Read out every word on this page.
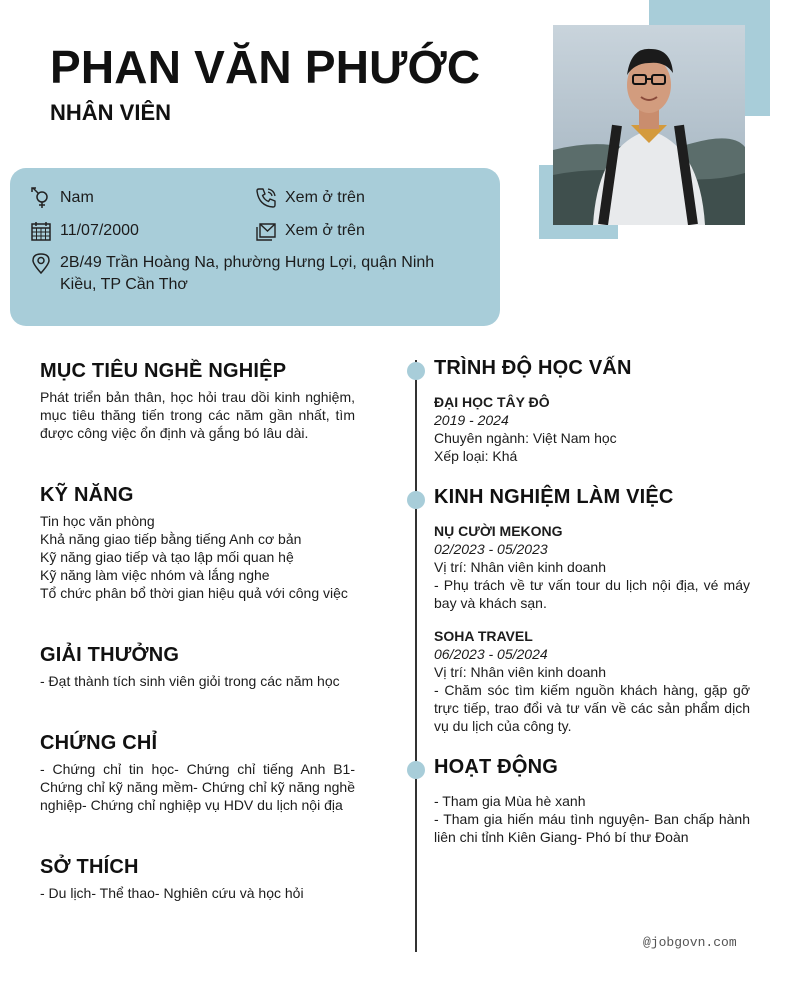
PHAN VĂN PHƯỚC
NHÂN VIÊN
Nam	Xem ở trên
11/07/2000	Xem ở trên
2B/49 Trần Hoàng Na, phường Hưng Lợi, quận Ninh Kiều, TP Cần Thơ
MỤC TIÊU NGHỀ NGHIỆP
Phát triển bản thân, học hỏi trau dồi kinh nghiệm, mục tiêu thăng tiến trong các năm gần nhất, tìm được công việc ổn định và gắng bó lâu dài.
KỸ NĂNG
Tin học văn phòng
Khả năng giao tiếp bằng tiếng Anh cơ bản
Kỹ năng giao tiếp và tạo lập mối quan hệ
Kỹ năng làm việc nhóm và lắng nghe
Tổ chức phân bổ thời gian hiệu quả với công việc
GIẢI THƯỞNG
- Đạt thành tích sinh viên giỏi trong các năm học
CHỨNG CHỈ
- Chứng chỉ tin học- Chứng chỉ tiếng Anh B1- Chứng chỉ kỹ năng mềm- Chứng chỉ kỹ năng nghề nghiệp- Chứng chỉ nghiệp vụ HDV du lịch nội địa
SỞ THÍCH
- Du lịch- Thể thao- Nghiên cứu và học hỏi
TRÌNH ĐỘ HỌC VẤN
ĐẠI HỌC TÂY ĐÔ
2019 - 2024
Chuyên ngành: Việt Nam học
Xếp loại: Khá
KINH NGHIỆM LÀM VIỆC
NỤ CƯỜI MEKONG
02/2023 - 05/2023
Vị trí: Nhân viên kinh doanh
- Phụ trách về tư vấn tour du lịch nội địa, vé máy bay và khách sạn.
SOHA TRAVEL
06/2023 - 05/2024
Vị trí: Nhân viên kinh doanh
- Chăm sóc tìm kiếm nguồn khách hàng, gặp gỡ trực tiếp, trao đổi và tư vấn về các sản phẩm dịch vụ du lịch của công ty.
HOẠT ĐỘNG
- Tham gia Mùa hè xanh
- Tham gia hiến máu tình nguyện- Ban chấp hành liên chi tỉnh Kiên Giang- Phó bí thư Đoàn
@jobgovn.com
